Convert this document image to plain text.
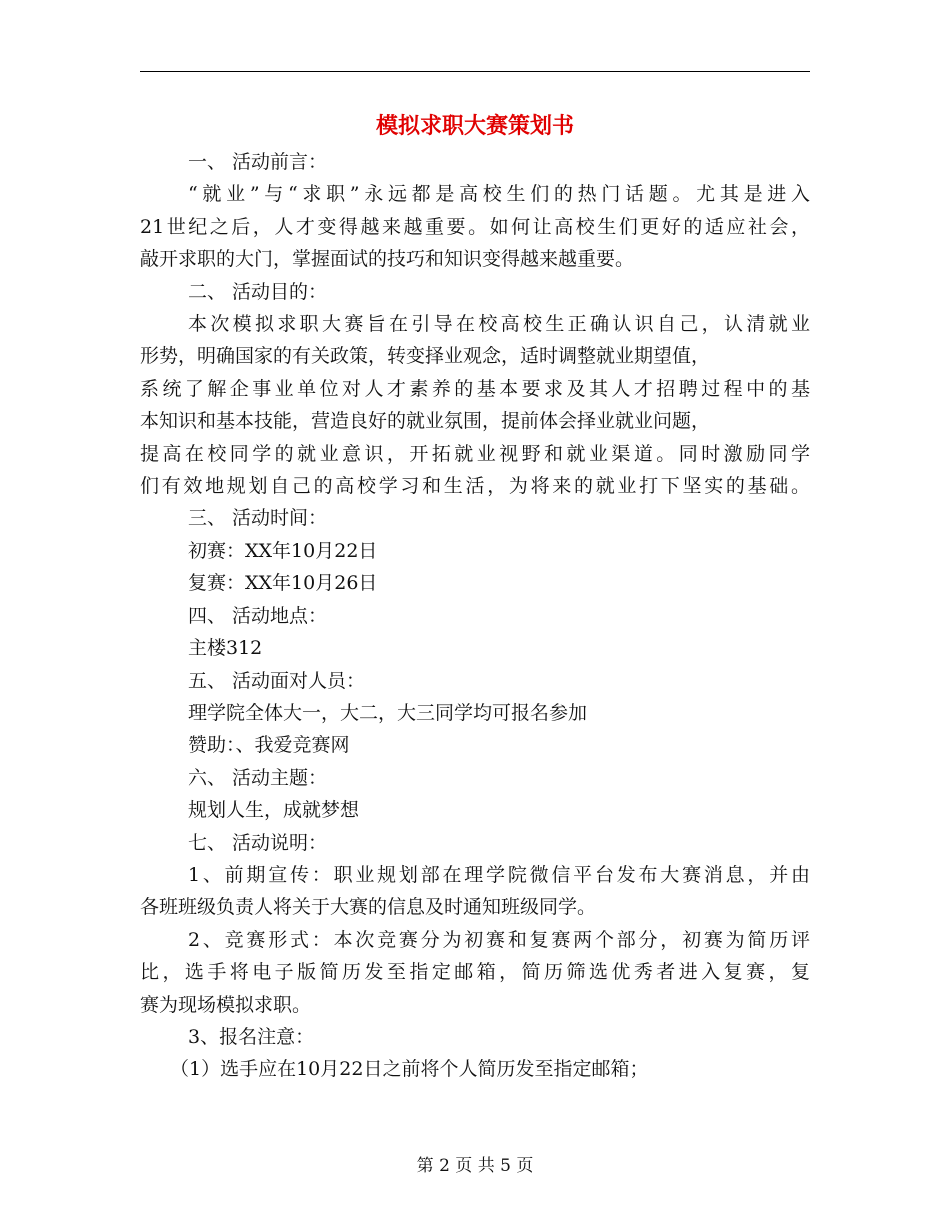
模拟求职大赛策划书

一、 活动前言：

“就业”与“求职”永远都是高校生们的热门话题。尤其是进入

21世纪之后，人才变得越来越重要。如何让高校生们更好的适应社会，

敲开求职的大门，掌握面试的技巧和知识变得越来越重要。

二、 活动目的：

本次模拟求职大赛旨在引导在校高校生正确认识自己，认清就业

形势，明确国家的有关政策，转变择业观念，适时调整就业期望值，

系统了解企事业单位对人才素养的基本要求及其人才招聘过程中的基

本知识和基本技能，营造良好的就业氛围，提前体会择业就业问题，

提高在校同学的就业意识，开拓就业视野和就业渠道。同时激励同学

们有效地规划自己的高校学习和生活，为将来的就业打下坚实的基础。

三、 活动时间：

初赛：XX年10月22日

复赛：XX年10月26日

四、 活动地点：

主楼312

五、 活动面对人员：

理学院全体大一，大二，大三同学均可报名参加

赞助：、我爱竞赛网

六、 活动主题：

规划人生，成就梦想

七、 活动说明：

1、前期宣传：职业规划部在理学院微信平台发布大赛消息，并由

各班班级负责人将关于大赛的信息及时通知班级同学。

2、竞赛形式：本次竞赛分为初赛和复赛两个部分，初赛为简历评

比，选手将电子版简历发至指定邮箱，简历筛选优秀者进入复赛，复

赛为现场模拟求职。

3、报名注意：

（1）选手应在10月22日之前将个人简历发至指定邮箱；

第 2 页 共 5 页
